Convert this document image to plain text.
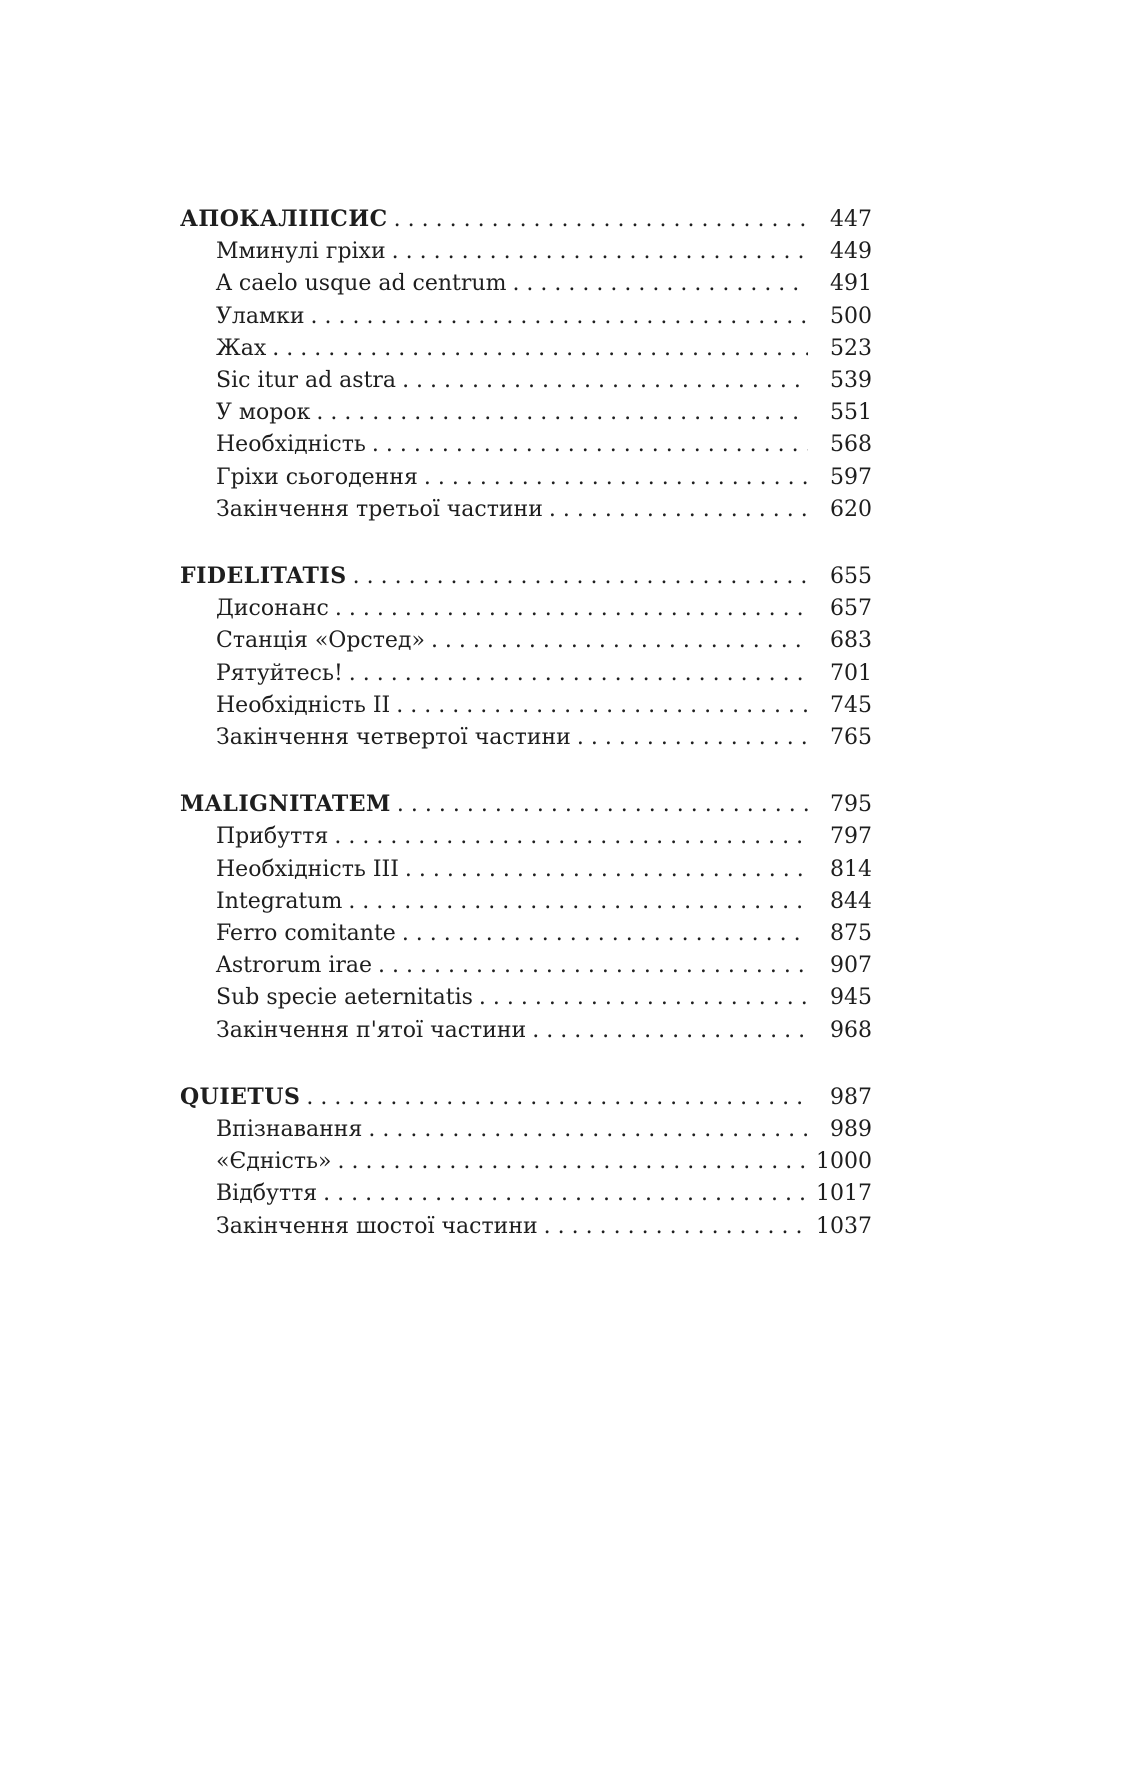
АПОКАЛІПСИС .....	447
Мминулі гріхи .....	449
A caelo usque ad centrum .....	491
Уламки .....	500
Жах .....	523
Sic itur ad astra .....	539
У морок .....	551
Необхідність .....	568
Гріхи сьогодення .....	597
Закінчення третьої частини .....	620
FIDELITATIS .....	655
Дисонанс .....	657
Станція «Орстед» .....	683
Рятуйтесь! .....	701
Необхідність II .....	745
Закінчення четвертої частини .....	765
MALIGNITATEM .....	795
Прибуття .....	797
Необхідність III .....	814
Integratum .....	844
Ferro comitante .....	875
Astrorum irae .....	907
Sub specie aeternitatis .....	945
Закінчення п'ятої частини .....	968
QUIETUS .....	987
Впізнавання .....	989
«Єдність» .....	1000
Відбуття .....	1017
Закінчення шостої частини .....	1037
